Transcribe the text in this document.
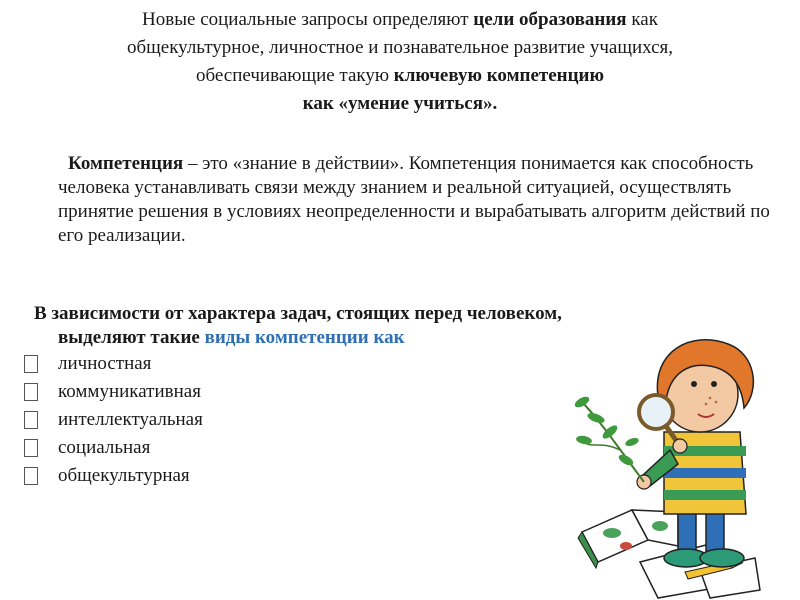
Новые социальные запросы определяют цели образования как
общекультурное, личностное и познавательное развитие учащихся,
обеспечивающие такую ключевую компетенцию
как «умение учиться».
Компетенция – это «знание в действии». Компетенция понимается как способность человека устанавливать связи между знанием и реальной ситуацией, осуществлять принятие решения в условиях неопределенности и вырабатывать алгоритм действий по его реализации.
В зависимости от характера задач, стоящих перед человеком,
выделяют такие виды компетенции как
личностная
коммуникативная
интеллектуальная
социальная
общекультурная
